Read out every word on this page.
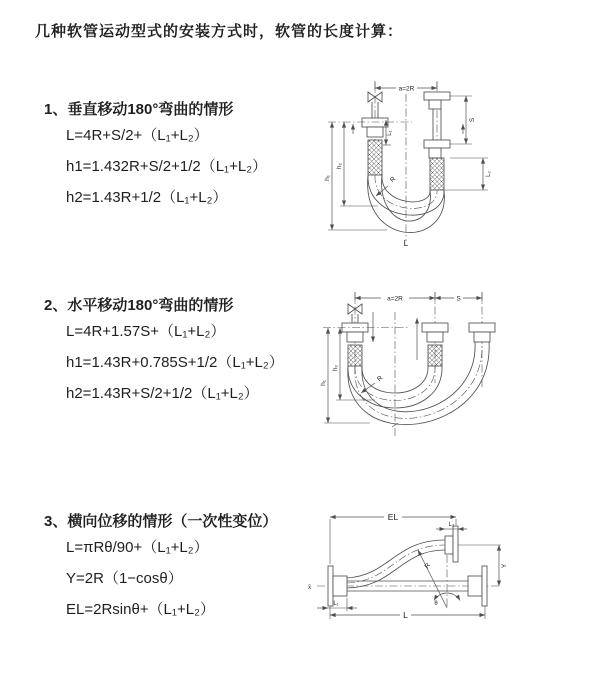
几种软管运动型式的安装方式时，软管的长度计算：
1、垂直移动180°弯曲的情形
L=4R+S/2+（L₁+L₂）
h1=1.432R+S/2+1/2（L₁+L₂）
h2=1.43R+1/2（L₁+L₂）
2、水平移动180°弯曲的情形
L=4R+1.57S+（L₁+L₂）
h1=1.43R+0.785S+1/2（L₁+L₂）
h2=1.43R+S/2+1/2（L₁+L₂）
3、横向位移的情形（一次性变位）
L=πRθ/90+（L₁+L₂）
Y=2R（1−cosθ）
EL=2Rsinθ+（L₁+L₂）
a=2R
h₁
h₂
L₁
S
L₂
R
L
a=2R	S
h₁
h₂
R
EL
L₂
Y
L
L₁
R
θ
x̄
